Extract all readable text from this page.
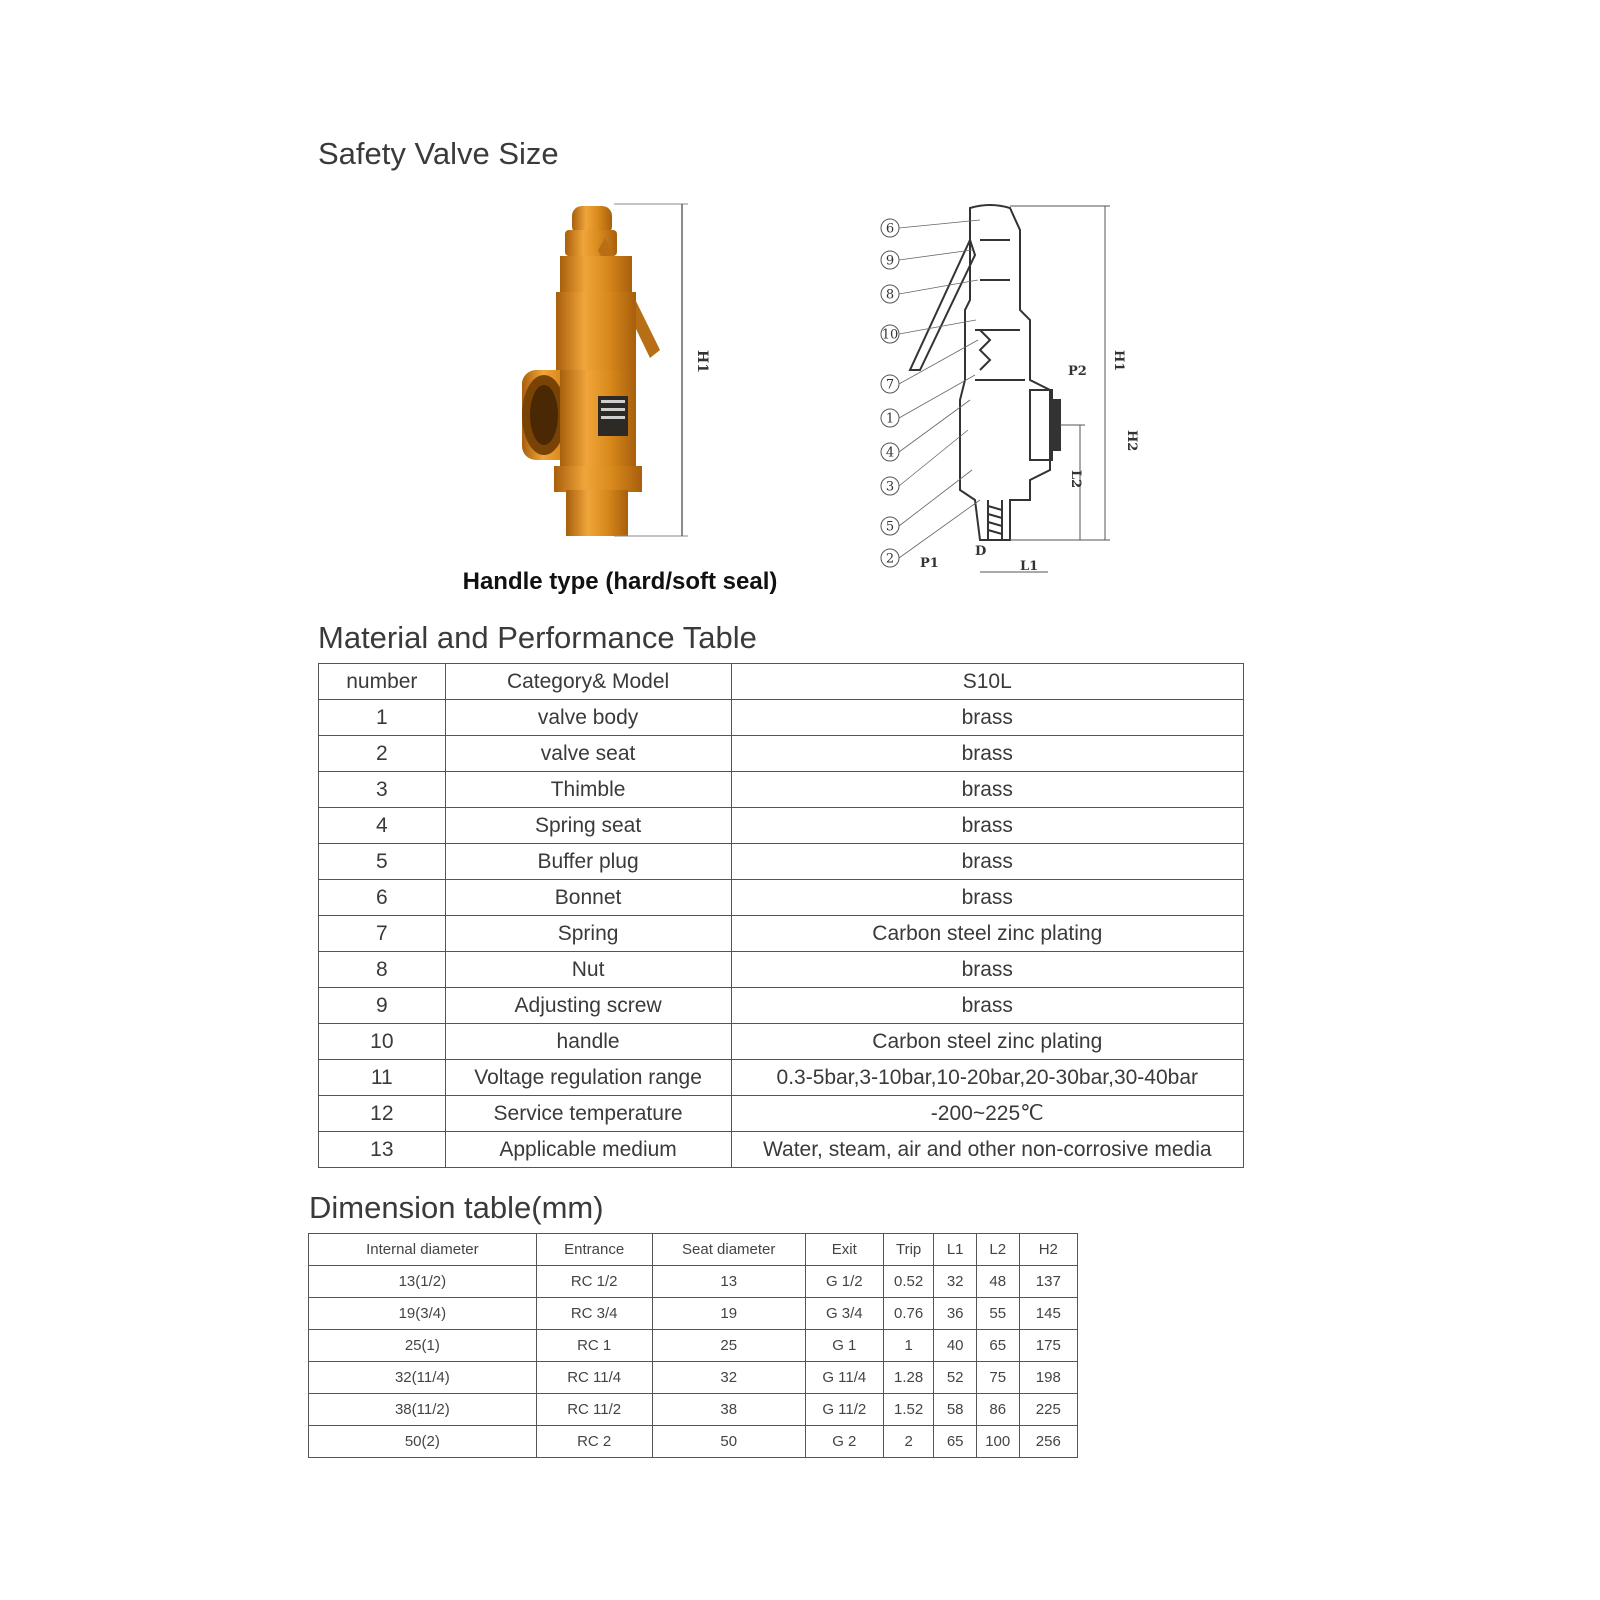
Safety Valve Size
H1
Handle type (hard/soft seal)
6
9
8
10
7
1
4
3
5
2
H1
H2
L2
P2
P1
D
L1
Material and Performance Table
number	Category& Model	S10L
1	valve body	brass
2	valve seat	brass
3	Thimble	brass
4	Spring seat	brass
5	Buffer plug	brass
6	Bonnet	brass
7	Spring	Carbon steel zinc plating
8	Nut	brass
9	Adjusting screw	brass
10	handle	Carbon steel zinc plating
11	Voltage regulation range	0.3-5bar,3-10bar,10-20bar,20-30bar,30-40bar
12	Service temperature	-200~225℃
13	Applicable medium	Water, steam, air and other non-corrosive media
Dimension table(mm)
Internal diameter	Entrance	Seat diameter	Exit	Trip	L1	L2	H2
13(1/2)	RC 1/2	13	G 1/2	0.52	32	48	137
19(3/4)	RC 3/4	19	G 3/4	0.76	36	55	145
25(1)	RC 1	25	G 1	1	40	65	175
32(11/4)	RC 11/4	32	G 11/4	1.28	52	75	198
38(11/2)	RC 11/2	38	G 11/2	1.52	58	86	225
50(2)	RC 2	50	G 2	2	65	100	256
